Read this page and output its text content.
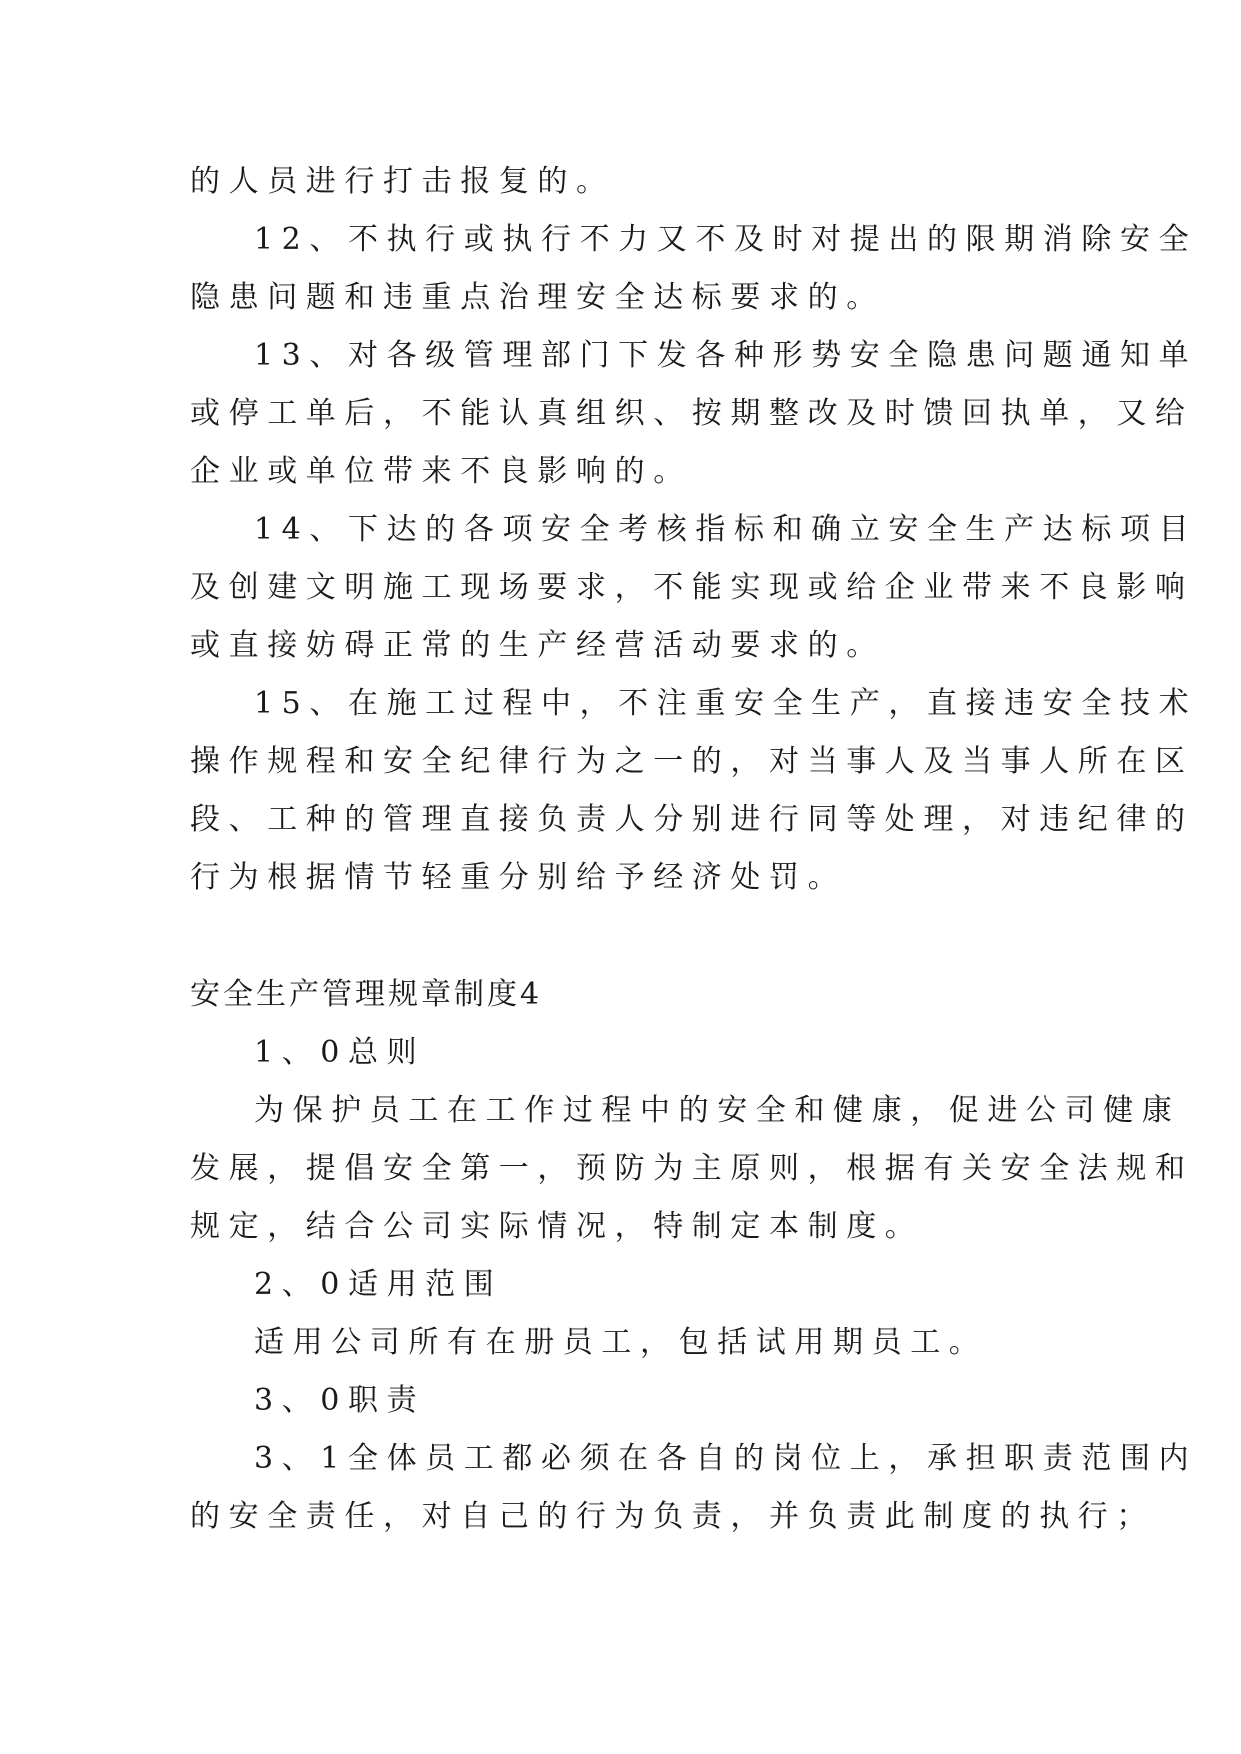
的人员进行打击报复的。
12、不执行或执行不力又不及时对提出的限期消除安全
隐患问题和违重点治理安全达标要求的。
13、对各级管理部门下发各种形势安全隐患问题通知单
或停工单后，不能认真组织、按期整改及时馈回执单，又给
企业或单位带来不良影响的。
14、下达的各项安全考核指标和确立安全生产达标项目
及创建文明施工现场要求，不能实现或给企业带来不良影响
或直接妨碍正常的生产经营活动要求的。
15、在施工过程中，不注重安全生产，直接违安全技术
操作规程和安全纪律行为之一的，对当事人及当事人所在区
段、工种的管理直接负责人分别进行同等处理，对违纪律的
行为根据情节轻重分别给予经济处罚。
安全生产管理规章制度4
1、0总则
为保护员工在工作过程中的安全和健康，促进公司健康
发展，提倡安全第一，预防为主原则，根据有关安全法规和
规定，结合公司实际情况，特制定本制度。
2、0适用范围
适用公司所有在册员工，包括试用期员工。
3、0职责
3、1全体员工都必须在各自的岗位上，承担职责范围内
的安全责任，对自己的行为负责，并负责此制度的执行；
